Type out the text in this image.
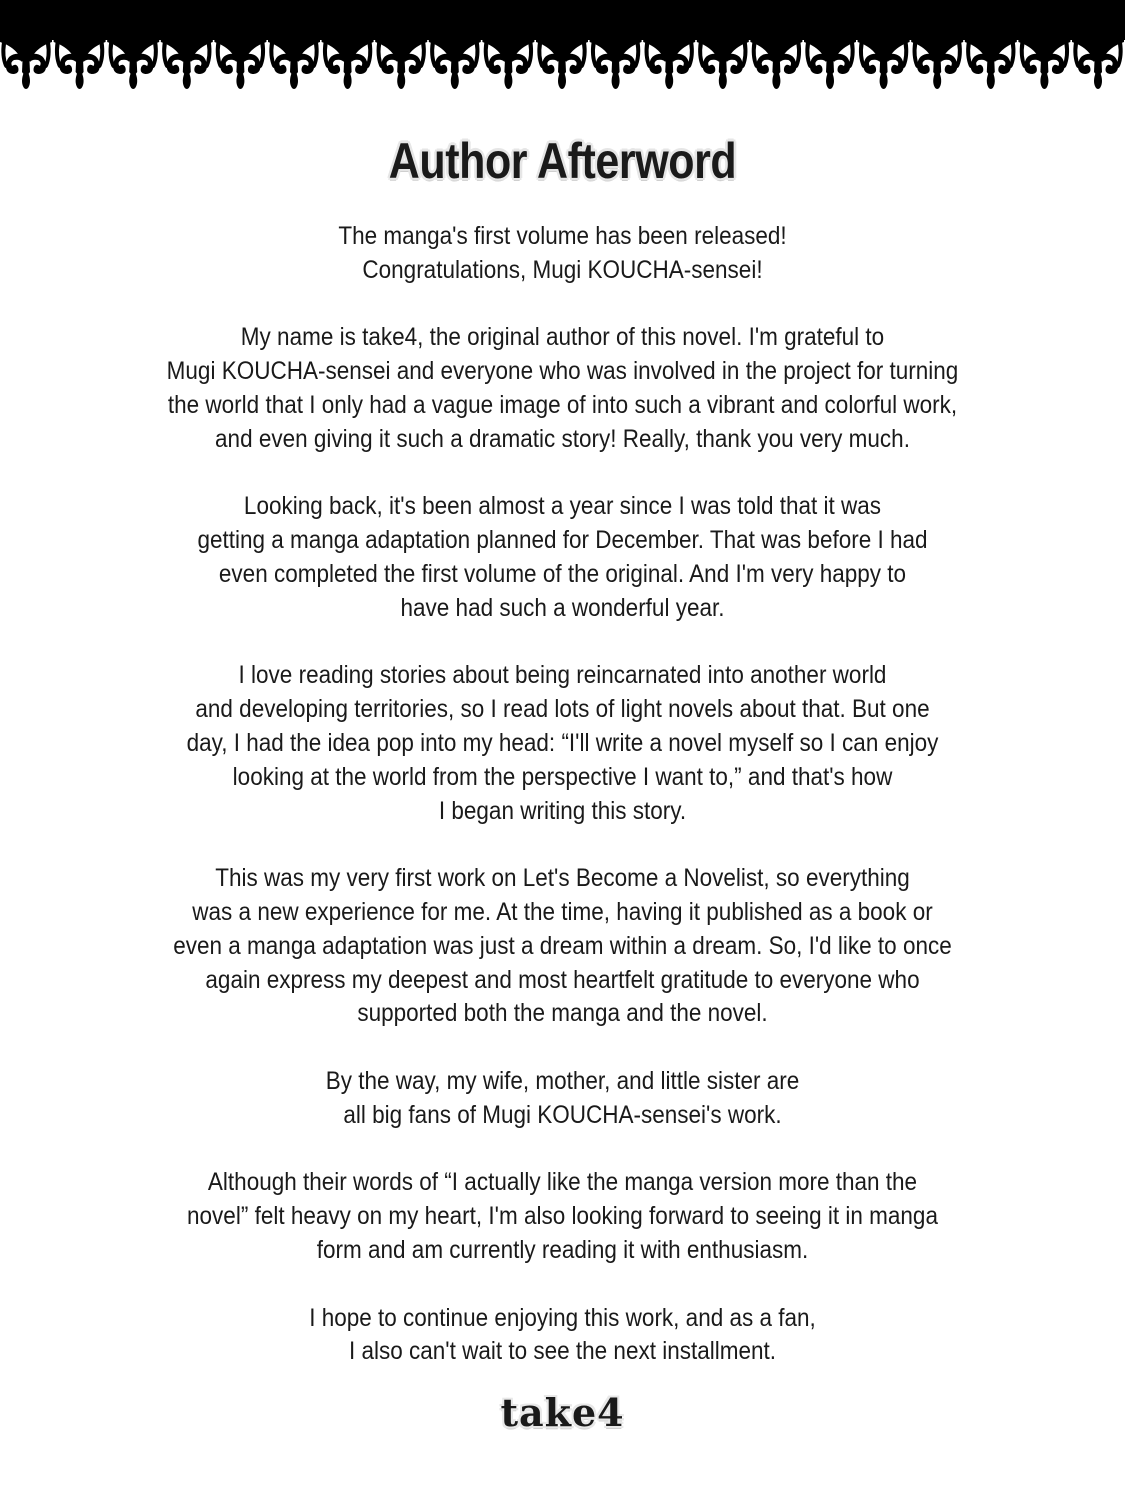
Author Afterword
The manga's first volume has been released!
Congratulations, Mugi KOUCHA-sensei!
My name is take4, the original author of this novel. I'm grateful to
Mugi KOUCHA-sensei and everyone who was involved in the project for turning
the world that I only had a vague image of into such a vibrant and colorful work,
and even giving it such a dramatic story! Really, thank you very much.
Looking back, it's been almost a year since I was told that it was
getting a manga adaptation planned for December. That was before I had
even completed the first volume of the original. And I'm very happy to
have had such a wonderful year.
I love reading stories about being reincarnated into another world
and developing territories, so I read lots of light novels about that. But one
day, I had the idea pop into my head: “I'll write a novel myself so I can enjoy
looking at the world from the perspective I want to,” and that's how
I began writing this story.
This was my very first work on Let's Become a Novelist, so everything
was a new experience for me. At the time, having it published as a book or
even a manga adaptation was just a dream within a dream. So, I'd like to once
again express my deepest and most heartfelt gratitude to everyone who
supported both the manga and the novel.
By the way, my wife, mother, and little sister are
all big fans of Mugi KOUCHA-sensei's work.
Although their words of “I actually like the manga version more than the
novel” felt heavy on my heart, I'm also looking forward to seeing it in manga
form and am currently reading it with enthusiasm.
I hope to continue enjoying this work, and as a fan,
I also can't wait to see the next installment.
take4
